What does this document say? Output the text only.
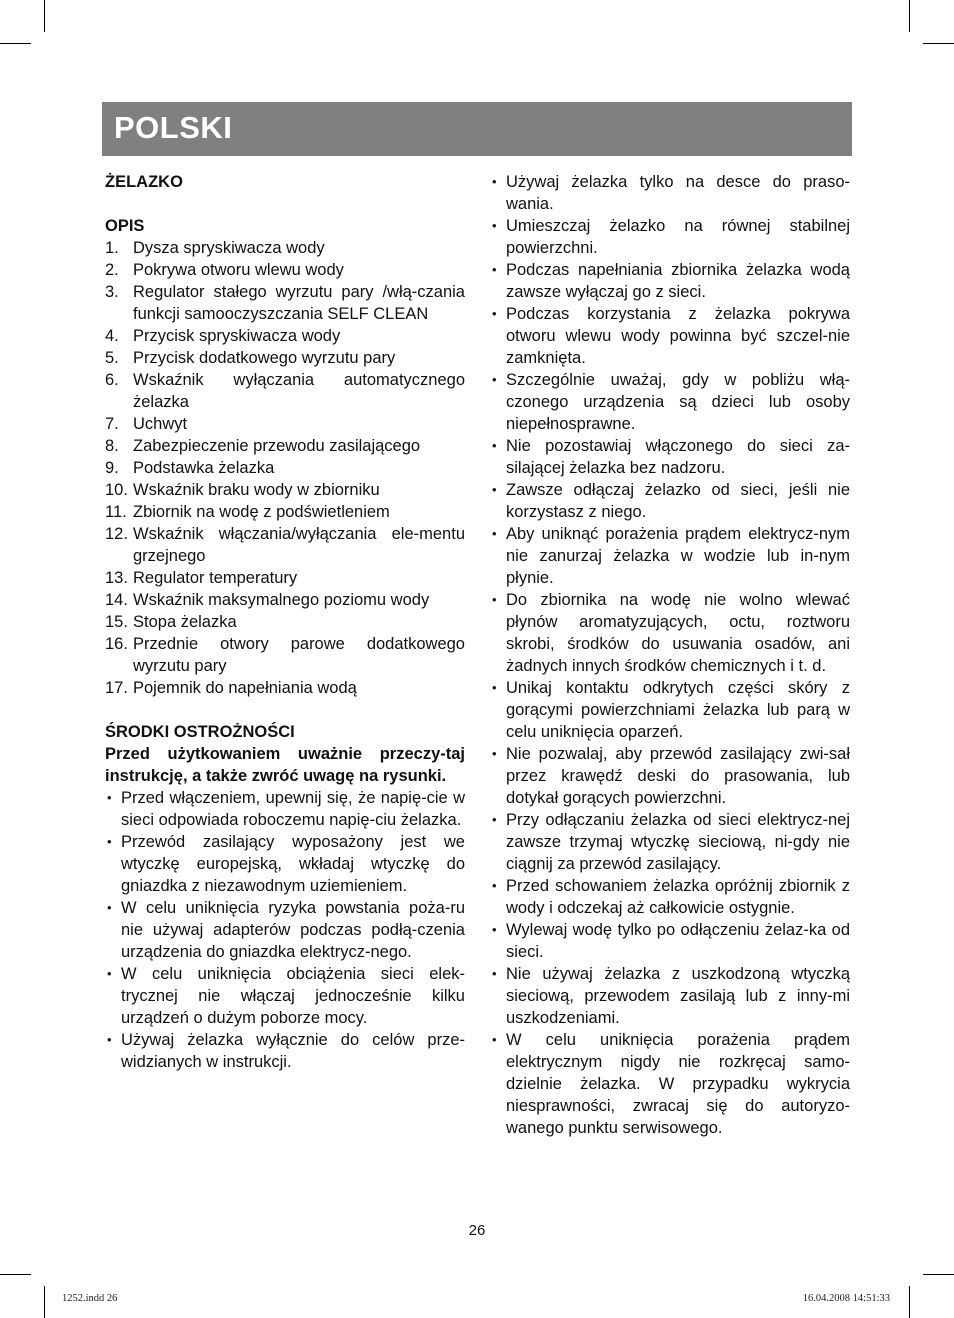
POLSKI

ŻELAZKO

OPIS

1. Dysza spryskiwacza wody
2. Pokrywa otworu wlewu wody
3. Regulator stałego wyrzutu pary /włą-czania funkcji samooczyszczania SELF CLEAN
4. Przycisk spryskiwacza wody
5. Przycisk dodatkowego wyrzutu pary
6. Wskaźnik wyłączania automatycznego żelazka
7. Uchwyt
8. Zabezpieczenie przewodu zasilającego
9. Podstawka żelazka
10. Wskaźnik braku wody w zbiorniku
11. Zbiornik na wodę z podświetleniem
12. Wskaźnik włączania/wyłączania ele-mentu grzejnego
13. Regulator temperatury
14. Wskaźnik maksymalnego poziomu wody
15. Stopa żelazka
16. Przednie otwory parowe dodatkowego wyrzutu pary
17. Pojemnik do napełniania wodą

ŚRODKI OSTROŻNOŚCI

Przed użytkowaniem uważnie przeczy-taj instrukcję, a także zwróć uwagę na rysunki.

• Przed włączeniem, upewnij się, że napię-cie w sieci odpowiada roboczemu napię-ciu żelazka.
• Przewód zasilający wyposażony jest we wtyczkę europejską, wkładaj wtyczkę do gniazdka z niezawodnym uziemieniem.
• W celu uniknięcia ryzyka powstania poża-ru nie używaj adapterów podczas podłą-czenia urządzenia do gniazdka elektrycz-nego.
• W celu uniknięcia obciążenia sieci elek-trycznej nie włączaj jednocześnie kilku urządzeń o dużym poborze mocy.
• Używaj żelazka wyłącznie do celów prze-widzianych w instrukcji.
• Używaj żelazka tylko na desce do praso-wania.
• Umieszczaj żelazko na równej stabilnej powierzchni.
• Podczas napełniania zbiornika żelazka wodą zawsze wyłączaj go z sieci.
• Podczas korzystania z żelazka pokrywa otworu wlewu wody powinna być szczel-nie zamknięta.
• Szczególnie uważaj, gdy w pobliżu włą-czonego urządzenia są dzieci lub osoby niepełnosprawne.
• Nie pozostawiaj włączonego do sieci za-silającej żelazka bez nadzoru.
• Zawsze odłączaj żelazko od sieci, jeśli nie korzystasz z niego.
• Aby uniknąć porażenia prądem elektrycz-nym nie zanurzaj żelazka w wodzie lub in-nym płynie.
• Do zbiornika na wodę nie wolno wlewać płynów aromatyzujących, octu, roztworu skrobi, środków do usuwania osadów, ani żadnych innych środków chemicznych i t. d.
• Unikaj kontaktu odkrytych części skóry z gorącymi powierzchniami żelazka lub parą w celu uniknięcia oparzeń.
• Nie pozwalaj, aby przewód zasilający zwi-sał przez krawędź deski do prasowania, lub dotykał gorących powierzchni.
• Przy odłączaniu żelazka od sieci elektrycz-nej zawsze trzymaj wtyczkę sieciową, ni-gdy nie ciągnij za przewód zasilający.
• Przed schowaniem żelazka opróżnij zbiornik z wody i odczekaj aż całkowicie ostygnie.
• Wylewaj wodę tylko po odłączeniu żelaz-ka od sieci.
• Nie używaj żelazka z uszkodzoną wtyczką sieciową, przewodem zasilają lub z inny-mi uszkodzeniami.
• W celu uniknięcia porażenia prądem elektrycznym nigdy nie rozkręcaj samo-dzielnie żelazka. W przypadku wykrycia niesprawności, zwracaj się do autoryzo-wanego punktu serwisowego.
26
1252.indd 26	16.04.2008 14:51:33
